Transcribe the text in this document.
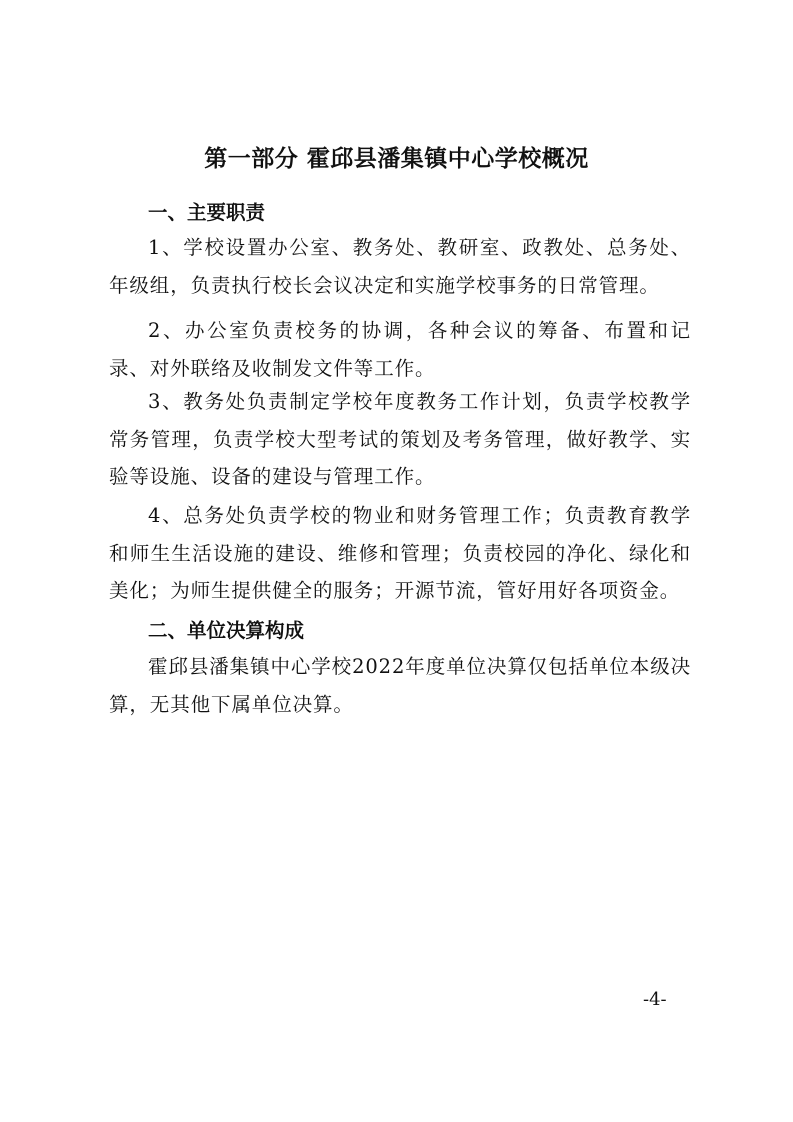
第一部分 霍邱县潘集镇中心学校概况
一、主要职责

1、学校设置办公室、教务处、教研室、政教处、总务处、年级组，负责执行校长会议决定和实施学校事务的日常管理。

2、办公室负责校务的协调，各种会议的筹备、布置和记录、对外联络及收制发文件等工作。

3、教务处负责制定学校年度教务工作计划，负责学校教学常务管理，负责学校大型考试的策划及考务管理，做好教学、实验等设施、设备的建设与管理工作。

4、总务处负责学校的物业和财务管理工作；负责教育教学和师生生活设施的建设、维修和管理；负责校园的净化、绿化和美化；为师生提供健全的服务；开源节流，管好用好各项资金。

二、单位决算构成

霍邱县潘集镇中心学校2022年度单位决算仅包括单位本级决算，无其他下属单位决算。

-4-
